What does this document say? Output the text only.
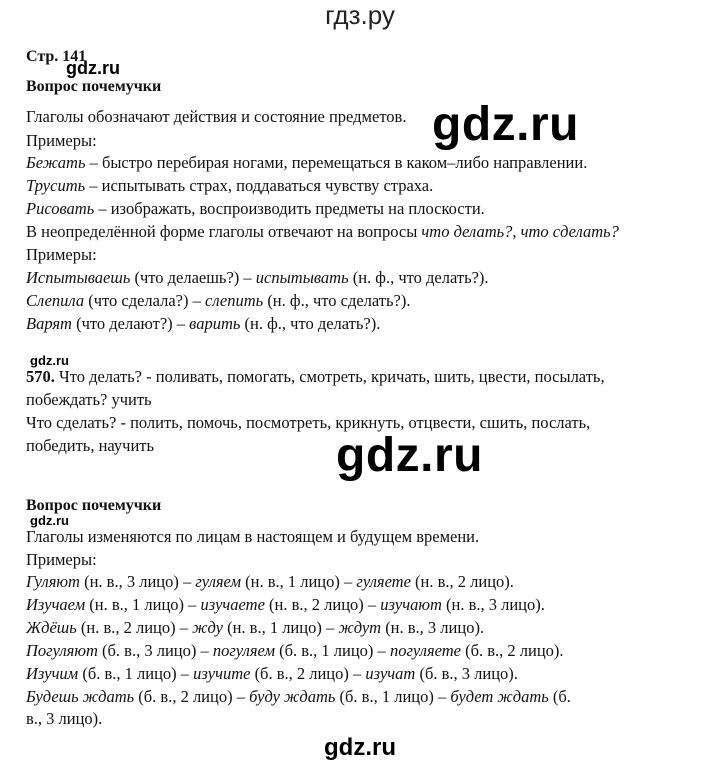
гдз.ру
Стр. 141
gdz.ru
Вопрос почемучки
Глаголы обозначают действия и состояние предметов. gdz.ru
Примеры:
Бежать – быстро перебирая ногами, перемещаться в каком–либо направлении.
Трусить – испытывать страх, поддаваться чувству страха.
Рисовать – изображать, воспроизводить предметы на плоскости.
В неопределённой форме глаголы отвечают на вопросы что делать?, что сделать?
Примеры:
Испытываешь (что делаешь?) – испытывать (н. ф., что делать?).
Слепила (что сделала?) – слепить (н. ф., что сделать?).
Варят (что делают?) – варить (н. ф., что делать?).
gdz.ru
570. Что делать? - поливать, помогать, смотреть, кричать, шить, цвести, посылать,
побеждать? учить
Что сделать? - полить, помочь, посмотреть, крикнуть, отцвести, сшить, послать,
победить, научить	gdz.ru
Вопрос почемучки
gdz.ru
Глаголы изменяются по лицам в настоящем и будущем времени.
Примеры:
Гуляют (н. в., 3 лицо) – гуляем (н. в., 1 лицо) – гуляете (н. в., 2 лицо).
Изучаем (н. в., 1 лицо) – изучаете (н. в., 2 лицо) – изучают (н. в., 3 лицо).
Ждёшь (н. в., 2 лицо) – жду (н. в., 1 лицо) – ждут (н. в., 3 лицо).
Погуляют (б. в., 3 лицо) – погуляем (б. в., 1 лицо) – погуляете (б. в., 2 лицо).
Изучим (б. в., 1 лицо) – изучите (б. в., 2 лицо) – изучат (б. в., 3 лицо).
Будешь ждать (б. в., 2 лицо) – буду ждать (б. в., 1 лицо) – будет ждать (б.
в., 3 лицо).
gdz.ru
